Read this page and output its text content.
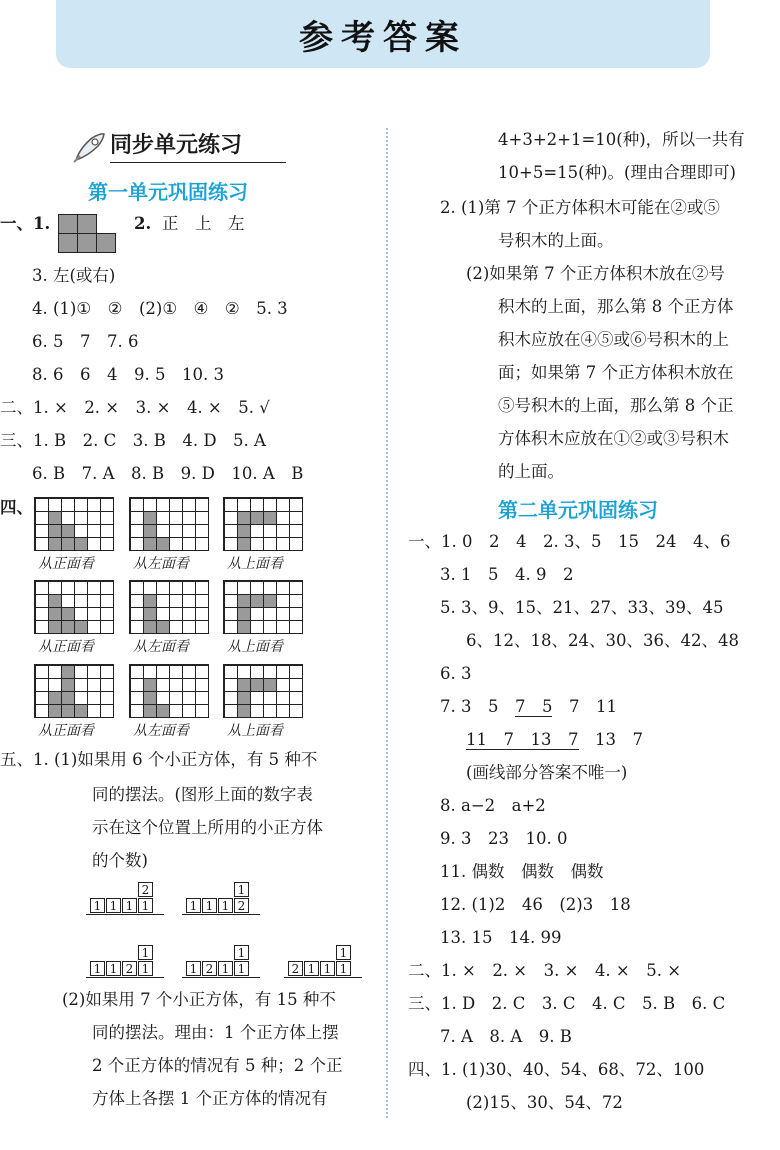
参考答案
同步单元练习
第一单元巩固练习
一、1.	2. 正　上　左
3. 左(或右)
4. (1)①　②　(2)①　④　②　5. 3
6. 5　7　7. 6
8. 6　6　4　9. 5　10. 3
二、1. ×　2. ×　3. ×　4. ×　5. √
三、1. B　2. C　3. B　4. D　5. A
6. B　7. A　8. B　9. D　10. A　B
四、
从正面看	从左面看	从上面看
从正面看	从左面看	从上面看
从正面看	从左面看	从上面看
五、1. (1)如果用 6 个小正方体，有 5 种不
同的摆法。(图形上面的数字表
示在这个位置上所用的小正方体
的个数)
1 1 1 1
2
1 1 1 2
1
1 1 2 1
1
1 2 1 1
1
2 1 1 1
1
(2)如果用 7 个小正方体，有 15 种不
同的摆法。理由：1 个正方体上摆
2 个正方体的情况有 5 种；2 个正
方体上各摆 1 个正方体的情况有
4+3+2+1=10(种)，所以一共有
10+5=15(种)。(理由合理即可)
2. (1)第 7 个正方体积木可能在②或⑤
号积木的上面。
(2)如果第 7 个正方体积木放在②号
积木的上面，那么第 8 个正方体
积木应放在④⑤或⑥号积木的上
面；如果第 7 个正方体积木放在
⑤号积木的上面，那么第 8 个正
方体积木应放在①②或③号积木
的上面。
第二单元巩固练习
一、1. 0　2　4　2. 3、5　15　24　4、6
3. 1　5　4. 9　2
5. 3、9、15、21、27、33、39、45
6、12、18、24、30、36、42、48
6. 3
7. 3　5　7　5　7　11
11　7　13　7　13　7
(画线部分答案不唯一)
8. a−2　a+2
9. 3　23　10. 0
11. 偶数　偶数　偶数
12. (1)2　46　(2)3　18
13. 15　14. 99
二、1. ×　2. ×　3. ×　4. ×　5. ×
三、1. D　2. C　3. C　4. C　5. B　6. C
7. A　8. A　9. B
四、1. (1)30、40、54、68、72、100
(2)15、30、54、72
